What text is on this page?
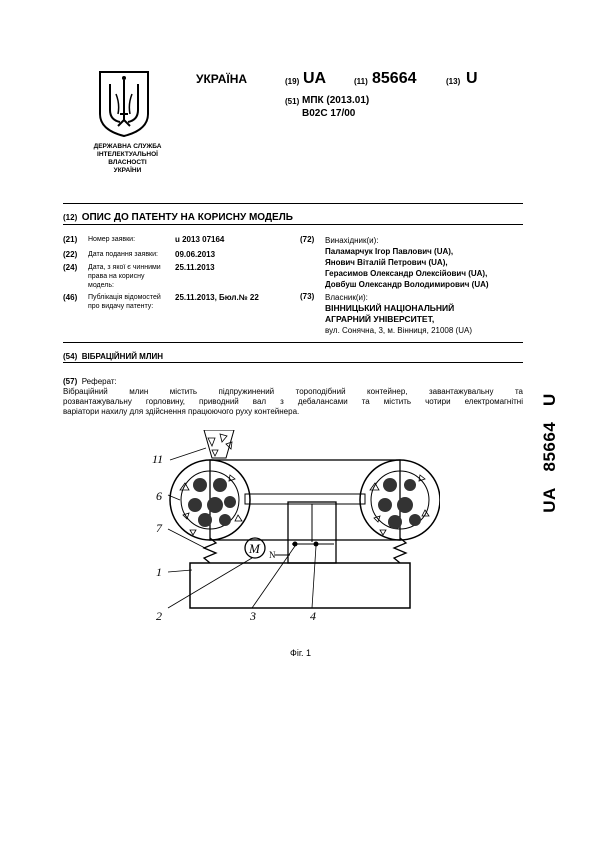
ДЕРЖАВНА СЛУЖБА
ІНТЕЛЕКТУАЛЬНОЇ
ВЛАСНОСТІ
УКРАЇНИ
УКРАЇНА	(19) UA	(11) 85664	(13) U
(51) МПК (2013.01)
B02C 17/00
(12) ОПИС ДО ПАТЕНТУ НА КОРИСНУ МОДЕЛЬ
(21) Номер заявки:	u 2013 07164
(22) Дата подання заявки: 09.06.2013
(24) Дата, з якої є чинними
права на корисну
модель:
25.11.2013
(46) Публікація відомостей
про видачу патенту:
25.11.2013, Бюл.№ 22
(72) Винахідник(и):
Паламарчук Ігор Павлович (UA),
Янович Віталій Петрович (UA),
Герасимов Олександр Олексійович (UA),
Довбуш Олександр Володимирович (UA)
(73) Власник(и):
ВІННИЦЬКИЙ НАЦІОНАЛЬНИЙ
АГРАРНИЙ УНІВЕРСИТЕТ,
вул. Сонячна, 3, м. Вінниця, 21008 (UA)
(54) ВІБРАЦІЙНИЙ МЛИН
(57) Реферат:
Вібраційний млин містить підпружинений тороподібний контейнер, завантажувальну та
розвантажувальну горловину, приводний вал з дебалансами та містить чотири електромагнітні
варіатори нахилу для здійснення працюючого руху контейнера.
M N
11
6
7
1
2	3	4
Фіг. 1
UA   85664   U
